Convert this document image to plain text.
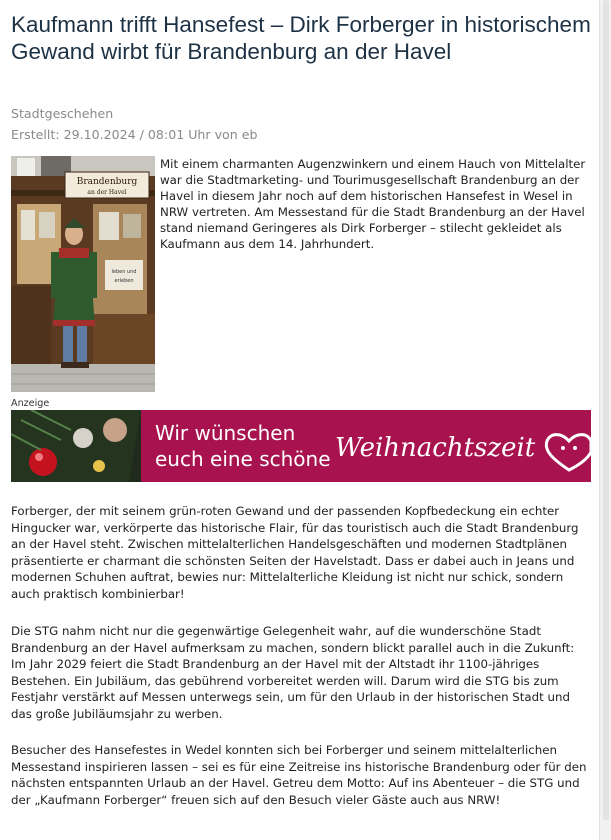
Kaufmann trifft Hansefest – Dirk Forberger in historischem Gewand wirbt für Brandenburg an der Havel
Stadtgeschehen
Erstellt: 29.10.2024 / 08:01 Uhr von eb
Brandenburg
an der Havel
leben und
erleben

Mit einem charmanten Augenzwinkern und einem Hauch von Mittelalter war die Stadtmarketing- und Tourimusgesellschaft Brandenburg an der Havel in diesem Jahr noch auf dem historischen Hansefest in Wesel in NRW vertreten. Am Messestand für die Stadt Brandenburg an der Havel stand niemand Geringeres als Dirk Forberger – stilecht gekleidet als Kaufmann aus dem 14. Jahrhundert.

Anzeige
Wir wünschen
euch eine schöne Weihnachtszeit

Forberger, der mit seinem grün-roten Gewand und der passenden Kopfbedeckung ein echter Hingucker war, verkörperte das historische Flair, für das touristisch auch die Stadt Brandenburg an der Havel steht. Zwischen mittelalterlichen Handelsgeschäften und modernen Stadtplänen präsentierte er charmant die schönsten Seiten der Havelstadt. Dass er dabei auch in Jeans und modernen Schuhen auftrat, bewies nur: Mittelalterliche Kleidung ist nicht nur schick, sondern auch praktisch kombinierbar!

Die STG nahm nicht nur die gegenwärtige Gelegenheit wahr, auf die wunderschöne Stadt Brandenburg an der Havel aufmerksam zu machen, sondern blickt parallel auch in die Zukunft: Im Jahr 2029 feiert die Stadt Brandenburg an der Havel mit der Altstadt ihr 1100-jähriges Bestehen. Ein Jubiläum, das gebührend vorbereitet werden will. Darum wird die STG bis zum Festjahr verstärkt auf Messen unterwegs sein, um für den Urlaub in der historischen Stadt und das große Jubiläumsjahr zu werben.

Besucher des Hansefestes in Wedel konnten sich bei Forberger und seinem mittelalterlichen Messestand inspirieren lassen – sei es für eine Zeitreise ins historische Brandenburg oder für den nächsten entspannten Urlaub an der Havel. Getreu dem Motto: Auf ins Abenteuer – die STG und der „Kaufmann Forberger“ freuen sich auf den Besuch vieler Gäste auch aus NRW!
